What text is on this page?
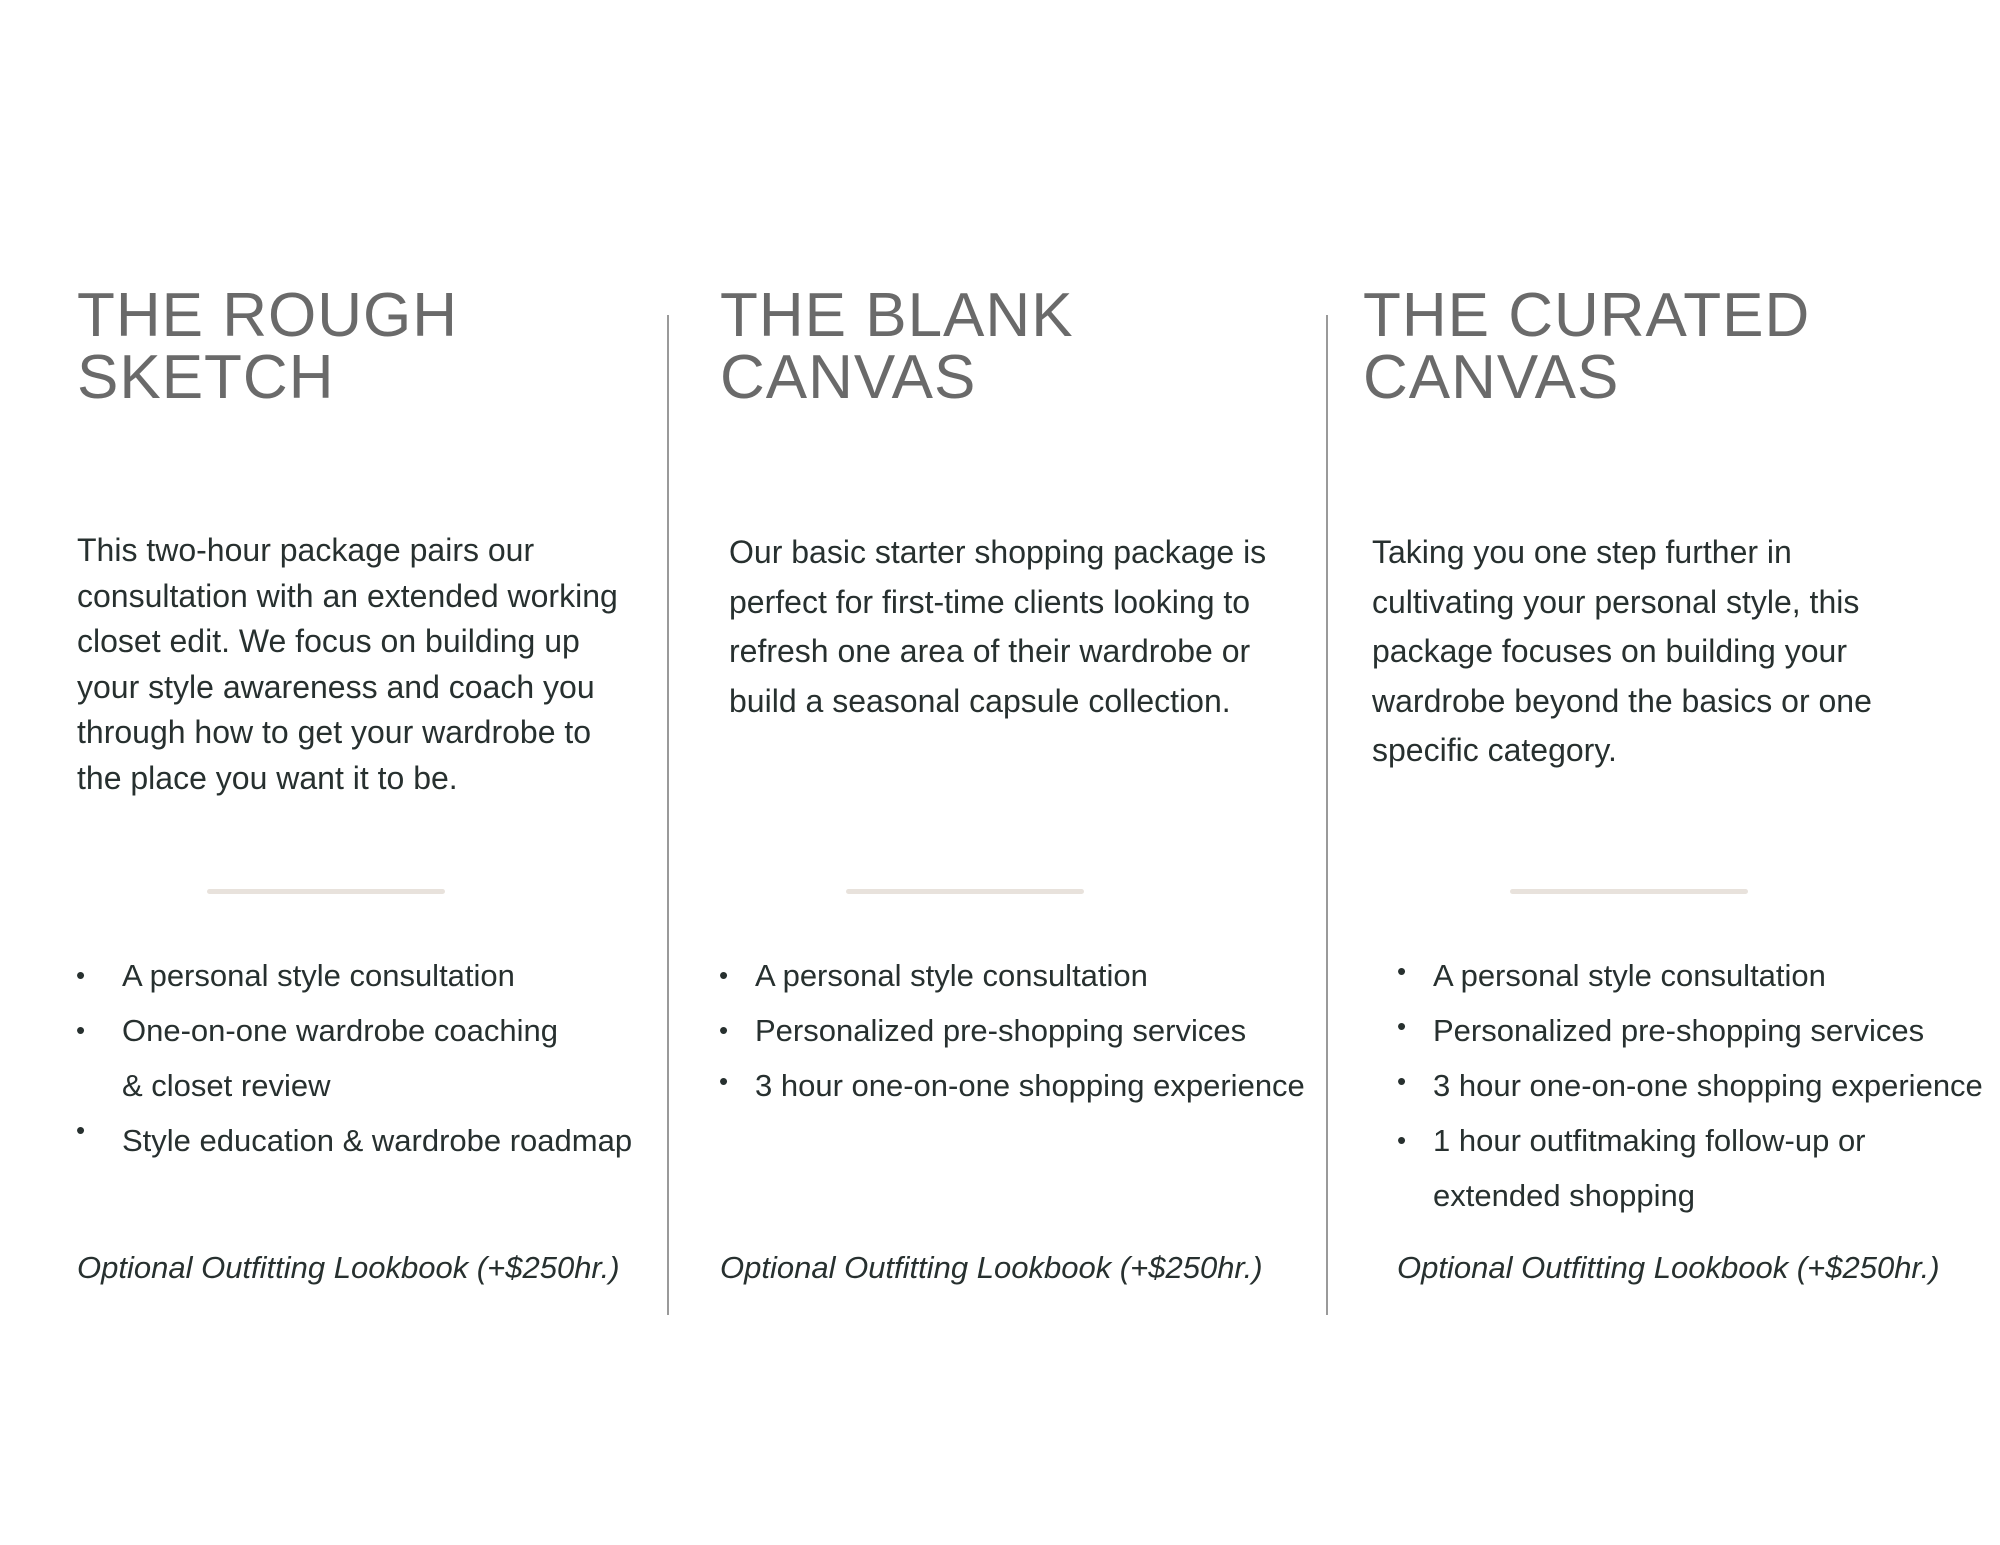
THE ROUGH
SKETCH

This two-hour package pairs our consultation with an extended working closet edit. We focus on building up your style awareness and coach you through how to get your wardrobe to the place you want it to be.

• A personal style consultation
• One-on-one wardrobe coaching
& closet review
• Style education & wardrobe roadmap

Optional Outfitting Lookbook (+$250hr.)

THE BLANK
CANVAS

Our basic starter shopping package is perfect for first-time clients looking to refresh one area of their wardrobe or build a seasonal capsule collection.

• A personal style consultation
• Personalized pre-shopping services
• 3 hour one-on-one shopping experience

Optional Outfitting Lookbook (+$250hr.)

THE CURATED
CANVAS

Taking you one step further in cultivating your personal style, this package focuses on building your wardrobe beyond the basics or one specific category.

• A personal style consultation
• Personalized pre-shopping services
• 3 hour one-on-one shopping experience
• 1 hour outfitmaking follow-up or
extended shopping

Optional Outfitting Lookbook (+$250hr.)
